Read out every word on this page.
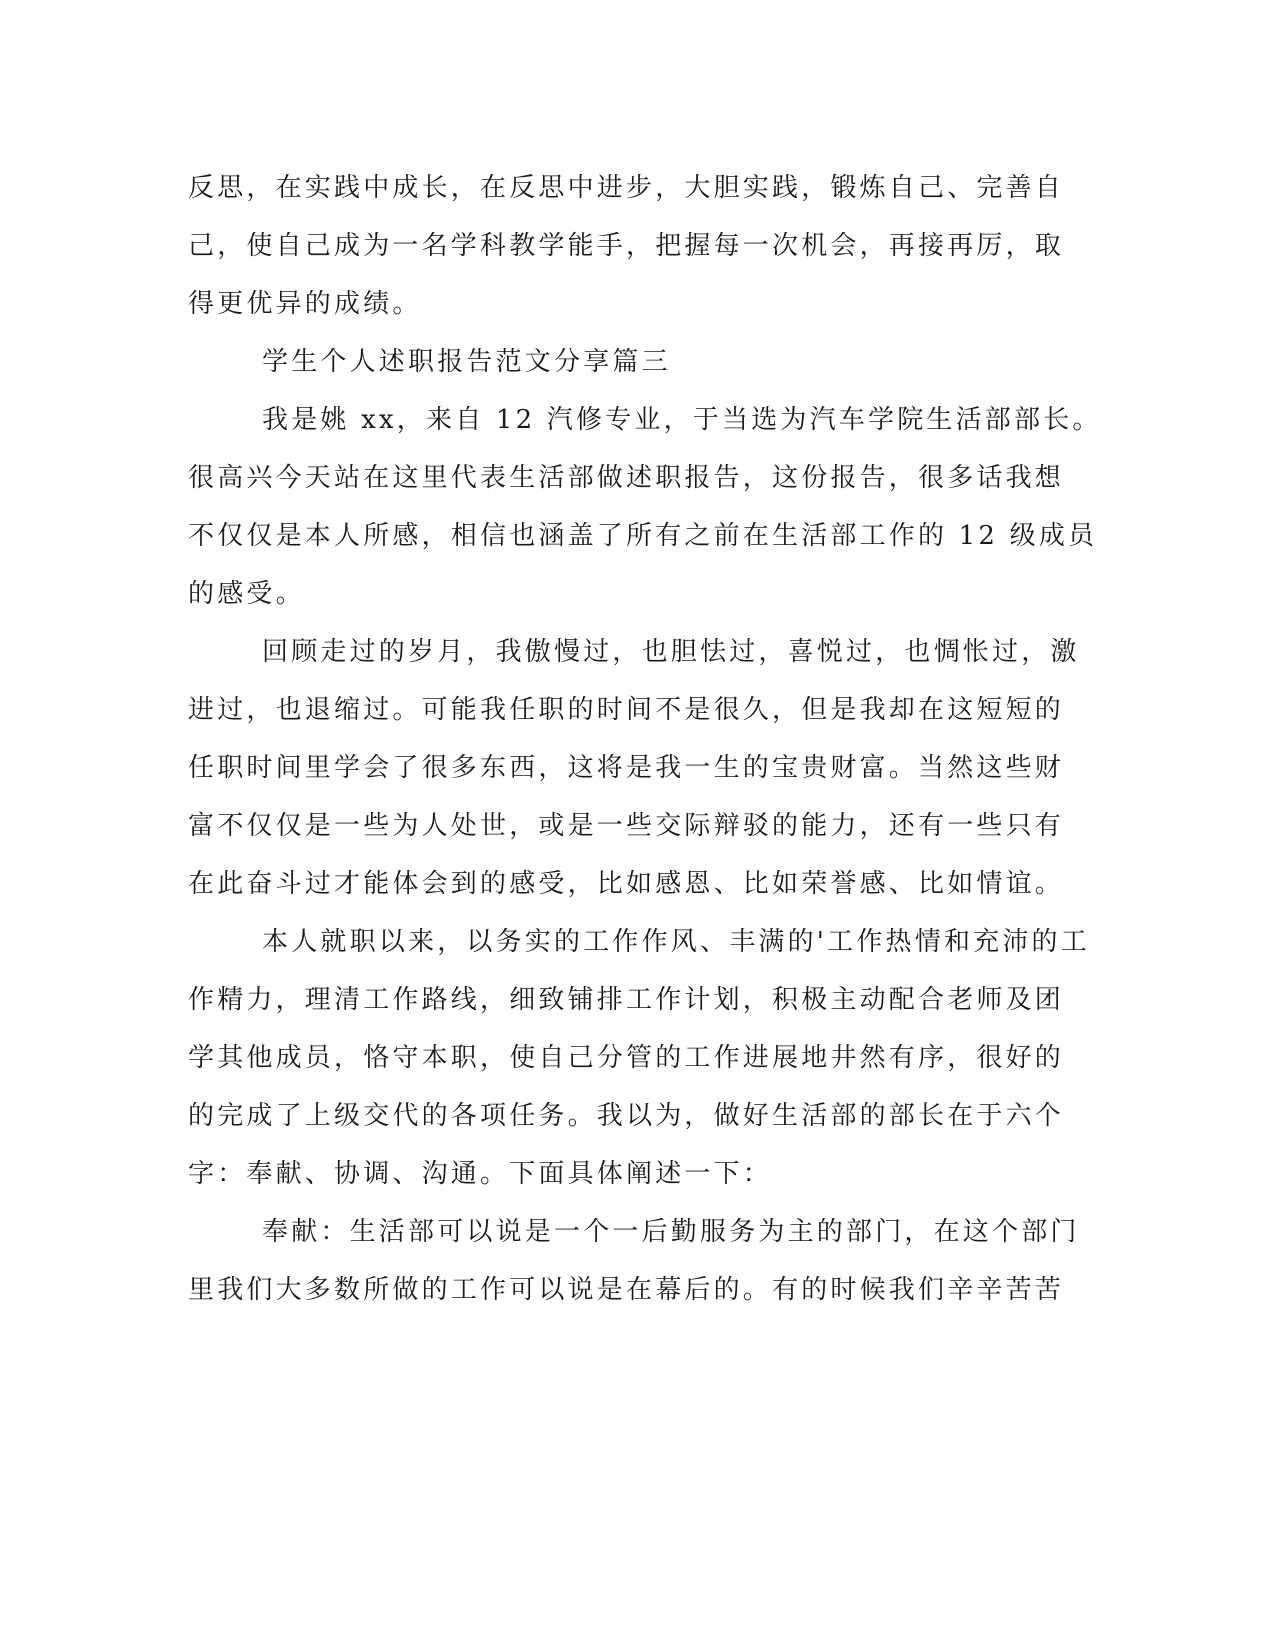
反思，在实践中成长，在反思中进步，大胆实践，锻炼自己、完善自
己，使自己成为一名学科教学能手，把握每一次机会，再接再厉，取
得更优异的成绩。
学生个人述职报告范文分享篇三
我是姚 xx，来自 12 汽修专业，于当选为汽车学院生活部部长。
很高兴今天站在这里代表生活部做述职报告，这份报告，很多话我想
不仅仅是本人所感，相信也涵盖了所有之前在生活部工作的 12 级成员
的感受。
回顾走过的岁月，我傲慢过，也胆怯过，喜悦过，也惆怅过，激
进过，也退缩过。可能我任职的时间不是很久，但是我却在这短短的
任职时间里学会了很多东西，这将是我一生的宝贵财富。当然这些财
富不仅仅是一些为人处世，或是一些交际辩驳的能力，还有一些只有
在此奋斗过才能体会到的感受，比如感恩、比如荣誉感、比如情谊。
本人就职以来，以务实的工作作风、丰满的'工作热情和充沛的工
作精力，理清工作路线，细致铺排工作计划，积极主动配合老师及团
学其他成员，恪守本职，使自己分管的工作进展地井然有序，很好的
的完成了上级交代的各项任务。我以为，做好生活部的部长在于六个
字：奉献、协调、沟通。下面具体阐述一下：
奉献：生活部可以说是一个一后勤服务为主的部门，在这个部门
里我们大多数所做的工作可以说是在幕后的。有的时候我们辛辛苦苦
